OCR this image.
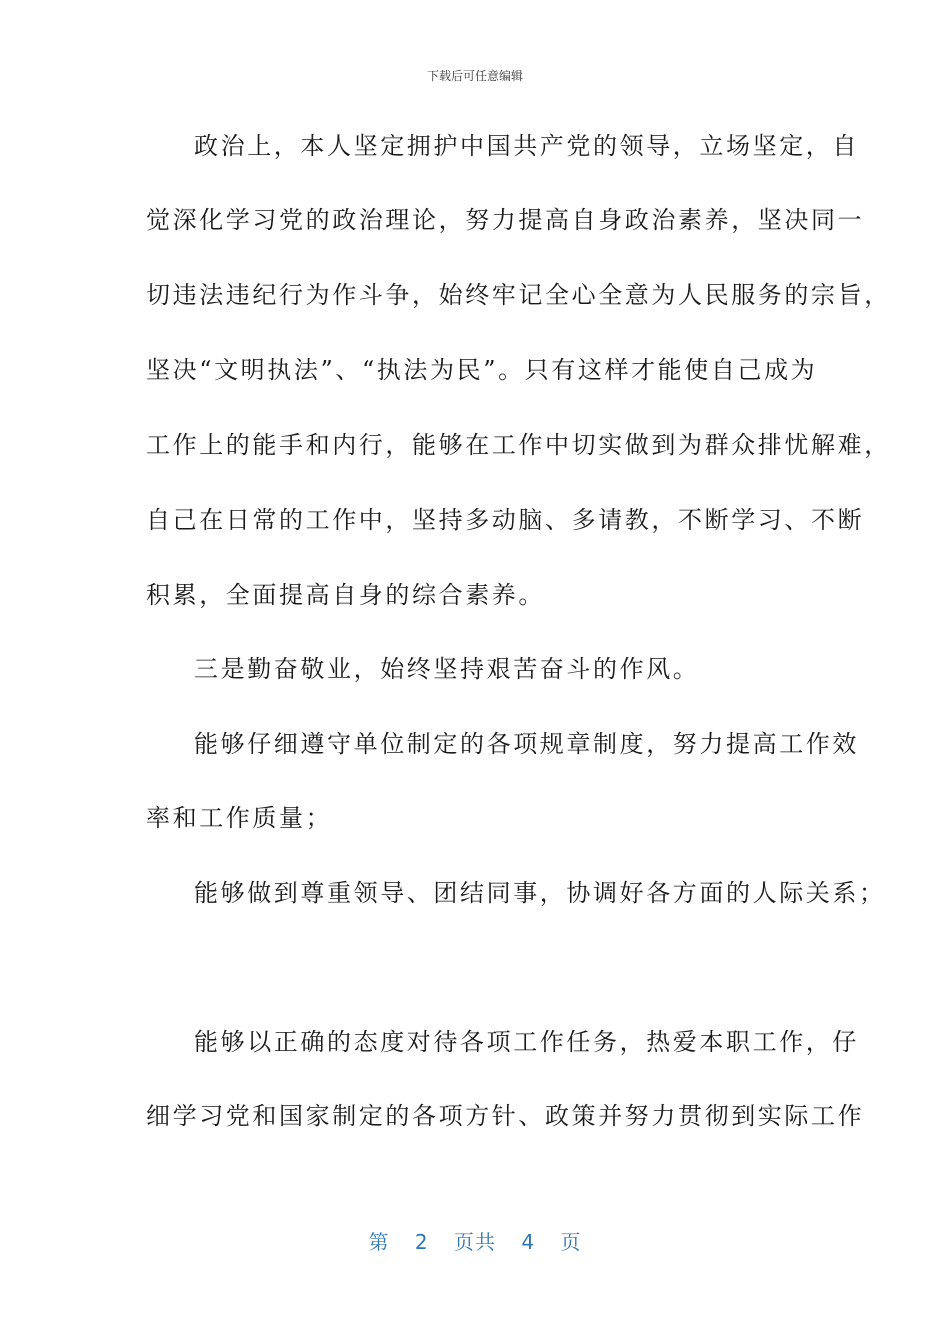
下载后可任意编辑
政治上，本人坚定拥护中国共产党的领导，立场坚定，自
觉深化学习党的政治理论，努力提高自身政治素养，坚决同一
切违法违纪行为作斗争，始终牢记全心全意为人民服务的宗旨，
坚决“文明执法”、“执法为民”。只有这样才能使自己成为
工作上的能手和内行，能够在工作中切实做到为群众排忧解难，
自己在日常的工作中，坚持多动脑、多请教，不断学习、不断
积累，全面提高自身的综合素养。
三是勤奋敬业，始终坚持艰苦奋斗的作风。
能够仔细遵守单位制定的各项规章制度，努力提高工作效
率和工作质量；
能够做到尊重领导、团结同事，协调好各方面的人际关系；
能够以正确的态度对待各项工作任务，热爱本职工作，仔
细学习党和国家制定的各项方针、政策并努力贯彻到实际工作
第 2 页共 4 页
